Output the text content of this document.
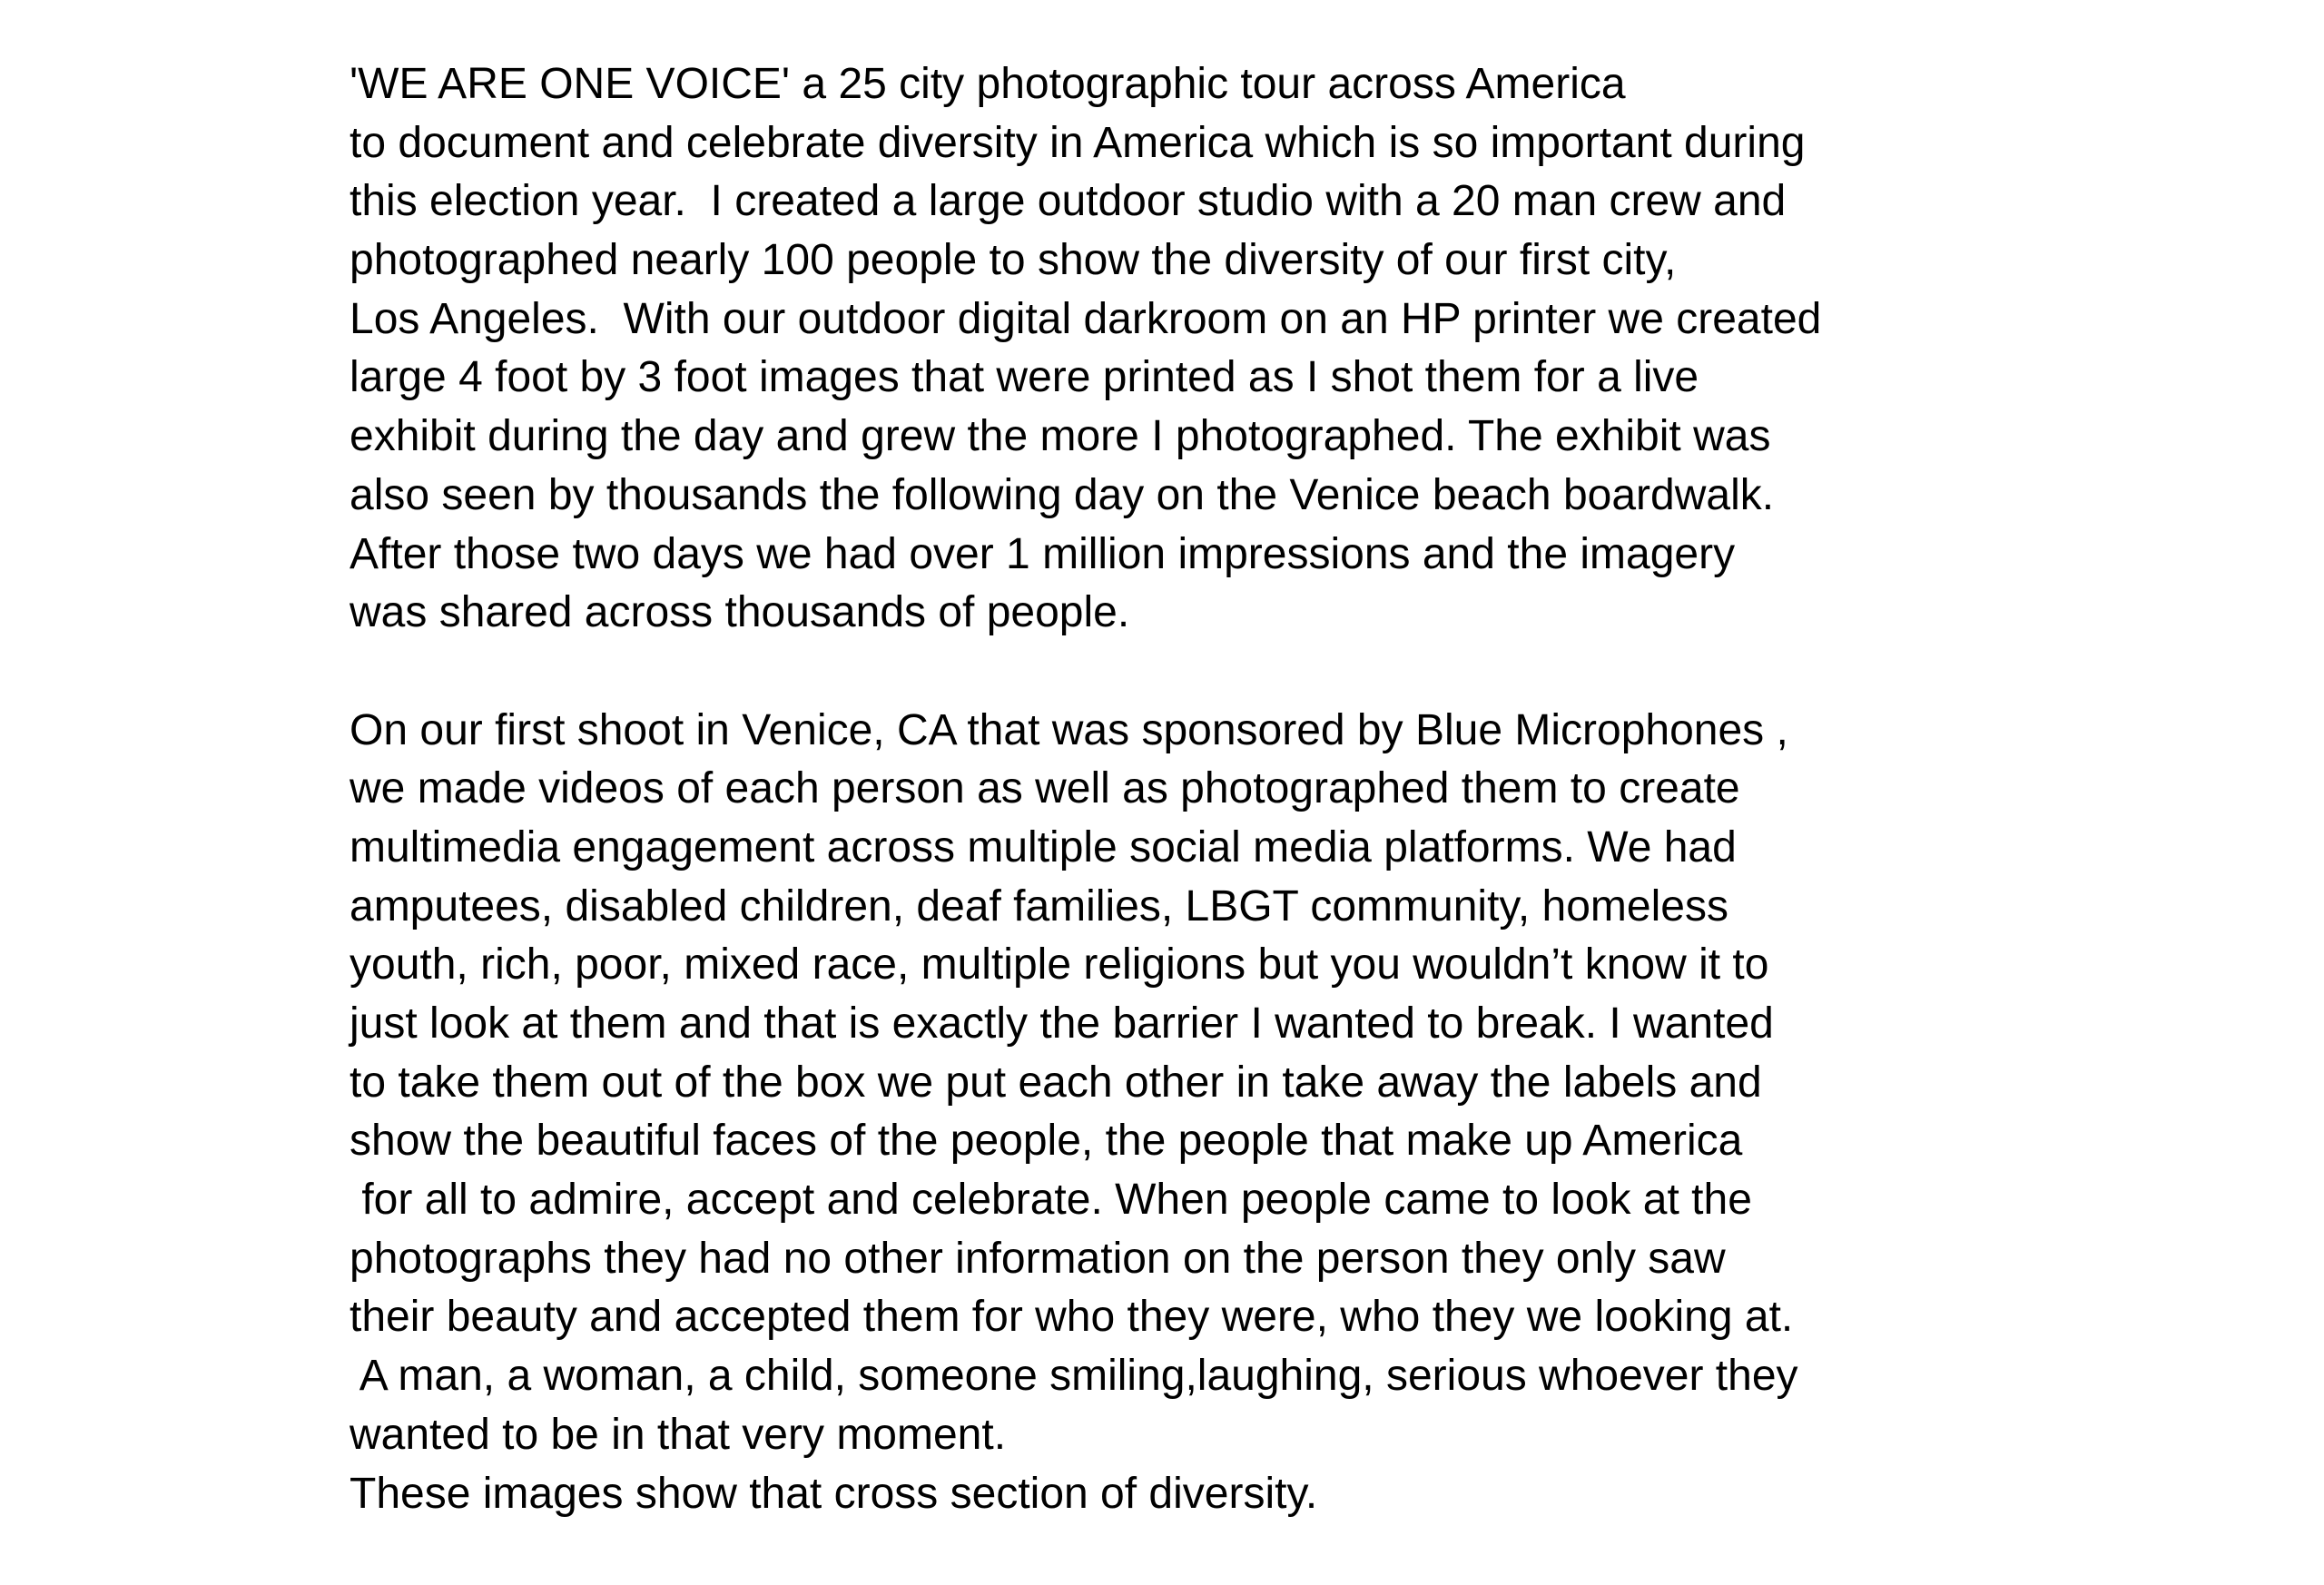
'WE ARE ONE VOICE' a 25 city photographic tour across America
to document and celebrate diversity in America which is so important during
this election year.  I created a large outdoor studio with a 20 man crew and
photographed nearly 100 people to show the diversity of our first city,
Los Angeles.  With our outdoor digital darkroom on an HP printer we created
large 4 foot by 3 foot images that were printed as I shot them for a live
exhibit during the day and grew the more I photographed. The exhibit was
also seen by thousands the following day on the Venice beach boardwalk.
After those two days we had over 1 million impressions and the imagery
was shared across thousands of people.
On our first shoot in Venice, CA that was sponsored by Blue Microphones ,
we made videos of each person as well as photographed them to create
multimedia engagement across multiple social media platforms. We had
amputees, disabled children, deaf families, LBGT community, homeless
youth, rich, poor, mixed race, multiple religions but you wouldn’t know it to
just look at them and that is exactly the barrier I wanted to break. I wanted
to take them out of the box we put each other in take away the labels and
show the beautiful faces of the people, the people that make up America
for all to admire, accept and celebrate. When people came to look at the
photographs they had no other information on the person they only saw
their beauty and accepted them for who they were, who they we looking at.
A man, a woman, a child, someone smiling,laughing, serious whoever they
wanted to be in that very moment.
These images show that cross section of diversity.
